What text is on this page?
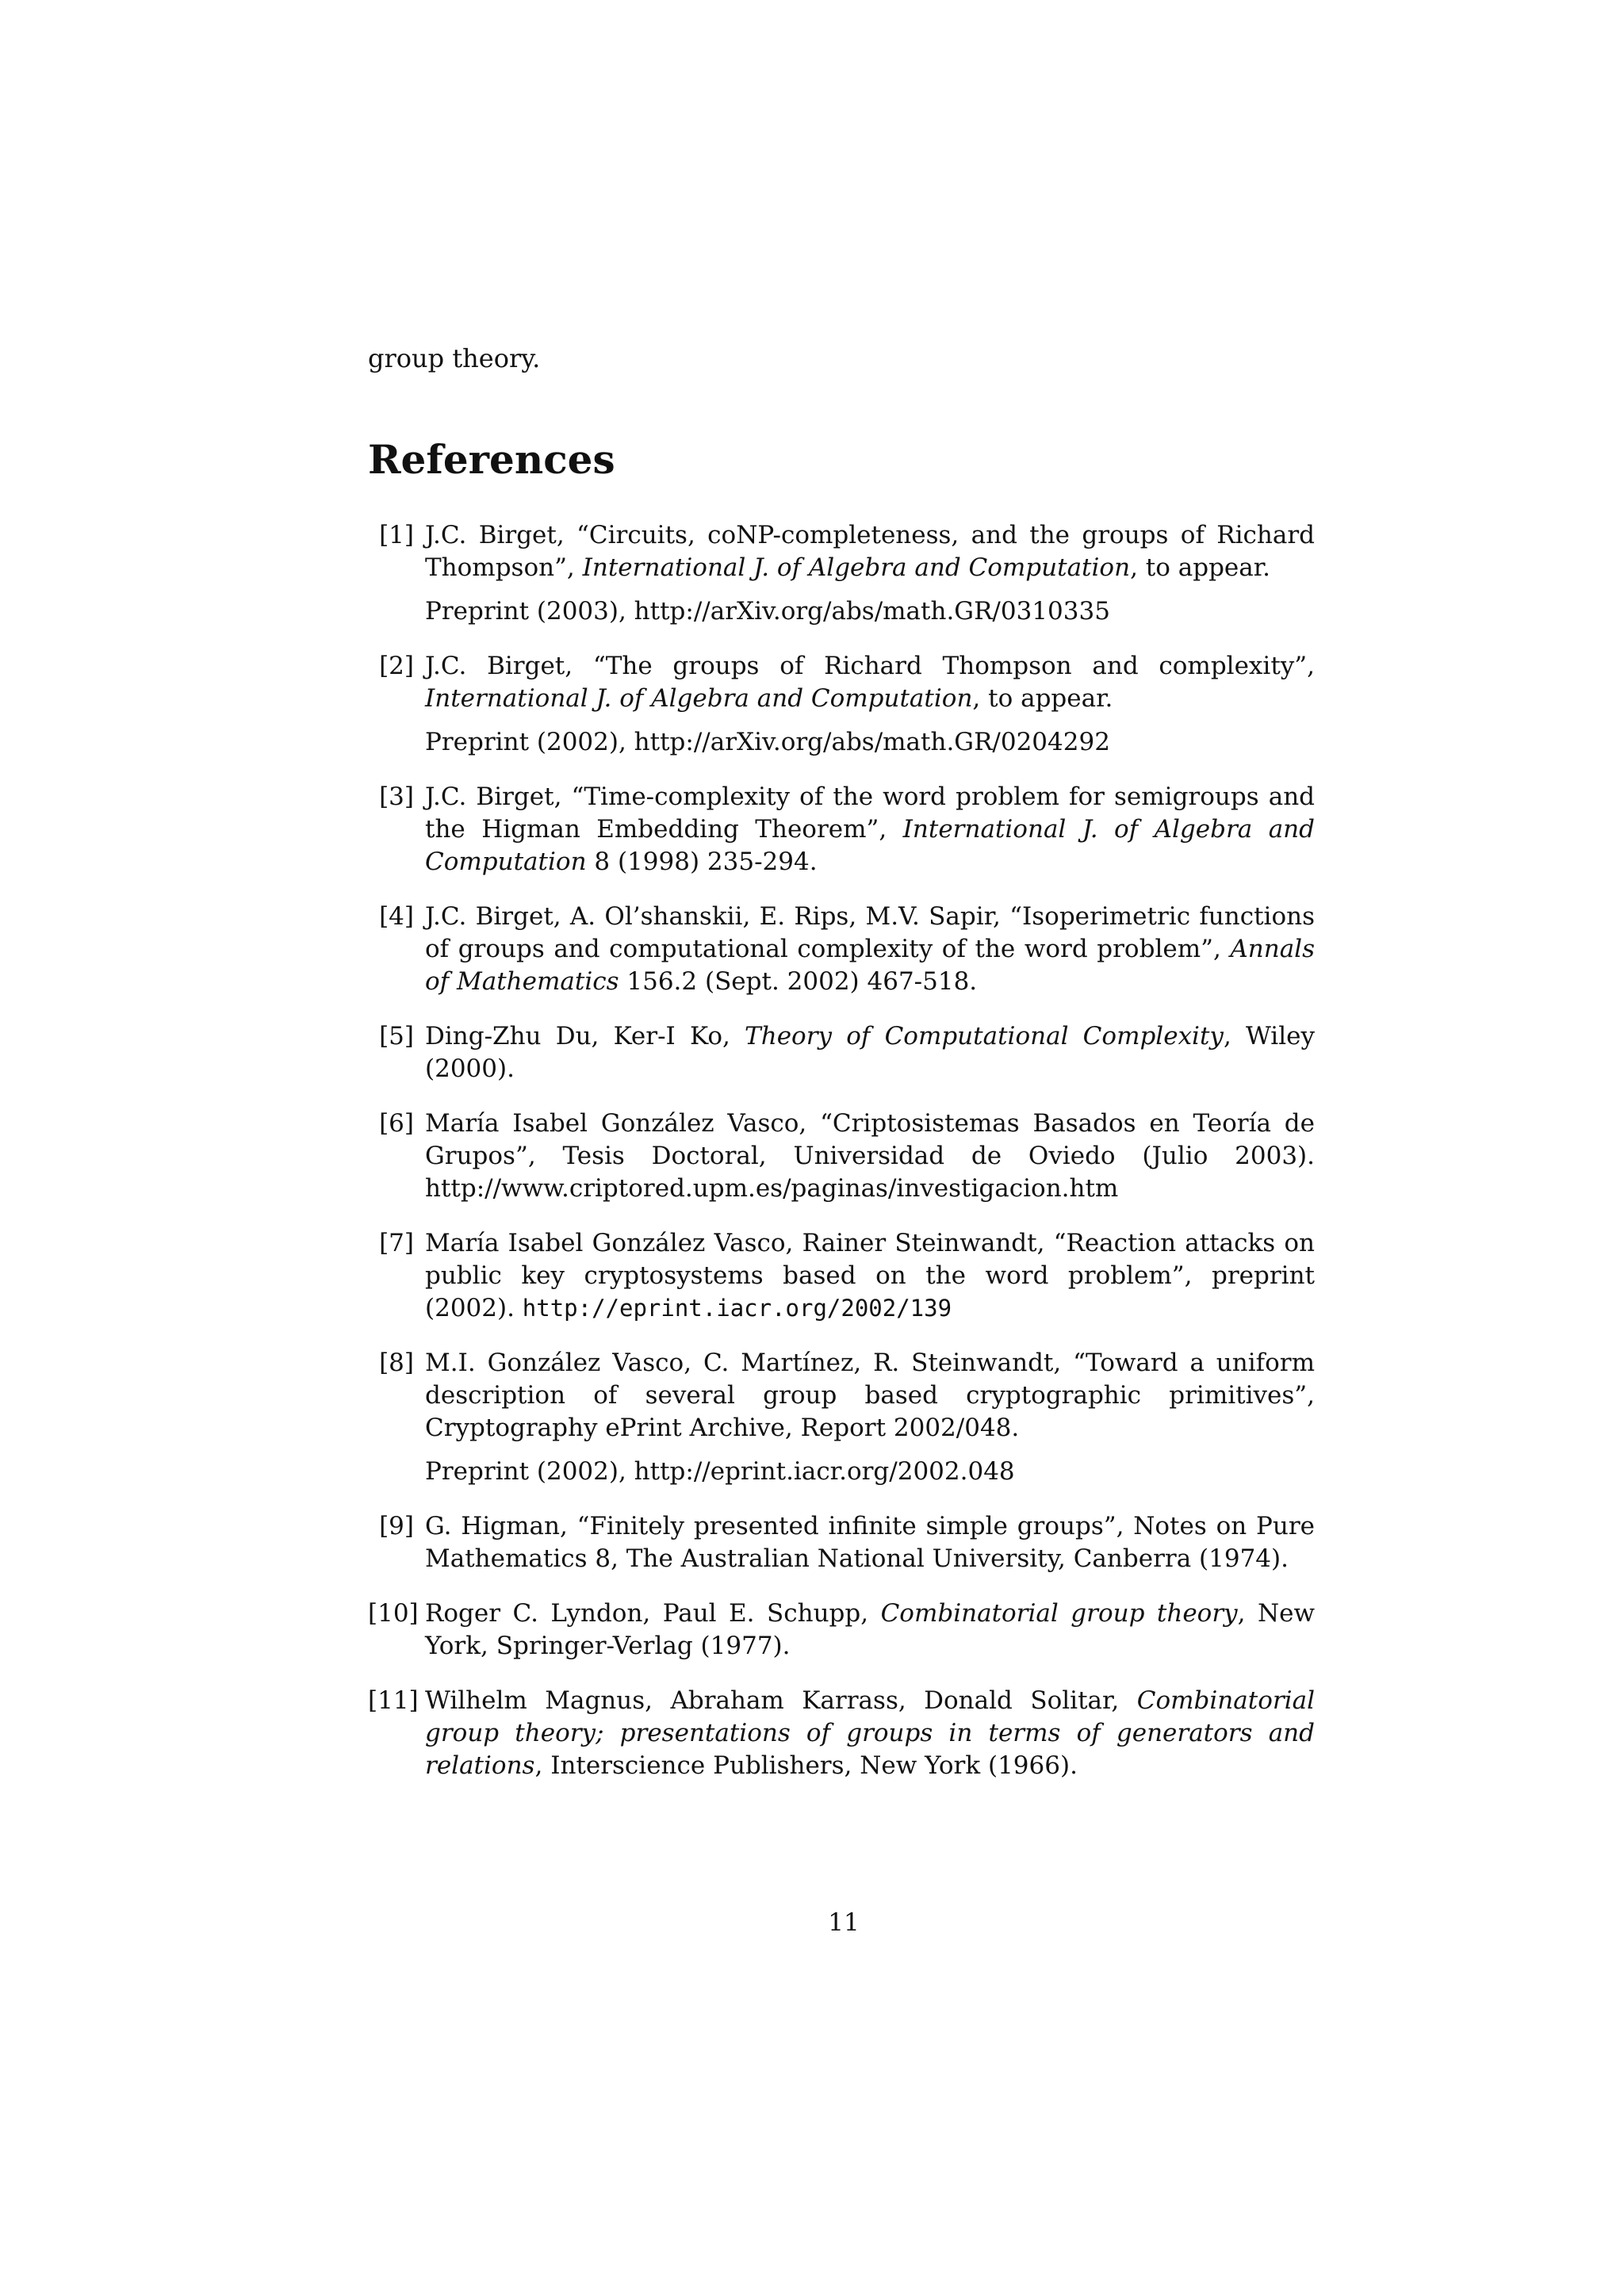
group theory.
References
[1] J.C. Birget, “Circuits, coNP-completeness, and the groups of Richard Thompson”, International J. of Algebra and Computation, to appear.
Preprint (2003), http://arXiv.org/abs/math.GR/0310335
[2] J.C. Birget, “The groups of Richard Thompson and complexity”, International J. of Algebra and Computation, to appear.
Preprint (2002), http://arXiv.org/abs/math.GR/0204292
[3] J.C. Birget, “Time-complexity of the word problem for semigroups and the Higman Embedding Theorem”, International J. of Algebra and Computation 8 (1998) 235-294.
[4] J.C. Birget, A. Ol’shanskii, E. Rips, M.V. Sapir, “Isoperimetric functions of groups and computational complexity of the word problem”, Annals of Mathematics 156.2 (Sept. 2002) 467-518.
[5] Ding-Zhu Du, Ker-I Ko, Theory of Computational Complexity, Wiley (2000).
[6] María Isabel González Vasco, “Criptosistemas Basados en Teoría de Grupos”, Tesis Doctoral, Universidad de Oviedo (Julio 2003). http://www.criptored.upm.es/paginas/investigacion.htm
[7] María Isabel González Vasco, Rainer Steinwandt, “Reaction attacks on public key cryptosystems based on the word problem”, preprint (2002). http://eprint.iacr.org/2002/139
[8] M.I. González Vasco, C. Martínez, R. Steinwandt, “Toward a uniform description of several group based cryptographic primitives”, Cryptography ePrint Archive, Report 2002/048.
Preprint (2002), http://eprint.iacr.org/2002.048
[9] G. Higman, “Finitely presented infinite simple groups”, Notes on Pure Mathematics 8, The Australian National University, Canberra (1974).
[10] Roger C. Lyndon, Paul E. Schupp, Combinatorial group theory, New York, Springer-Verlag (1977).
[11] Wilhelm Magnus, Abraham Karrass, Donald Solitar, Combinatorial group theory; presentations of groups in terms of generators and relations, Interscience Publishers, New York (1966).
11
